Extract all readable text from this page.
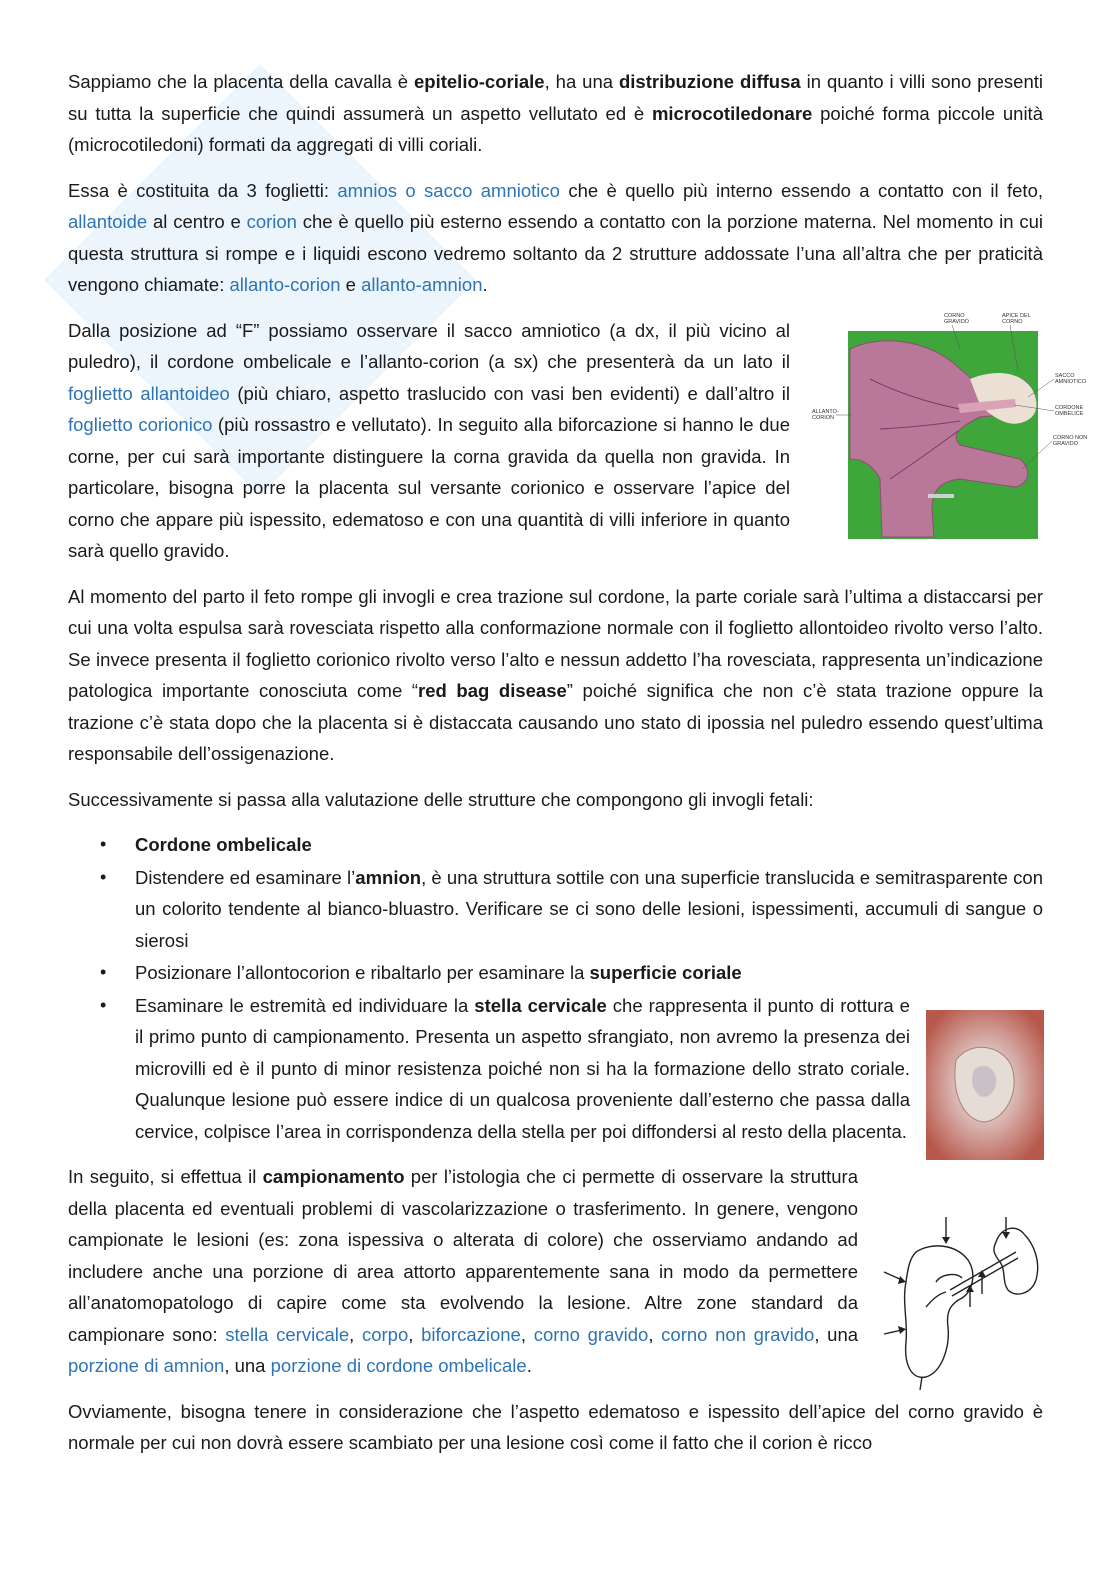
Sappiamo che la placenta della cavalla è epitelio-coriale, ha una distribuzione diffusa in quanto i villi sono presenti su tutta la superficie che quindi assumerà un aspetto vellutato ed è microcotiledonare poiché forma piccole unità (microcotiledoni) formati da aggregati di villi coriali.

Essa è costituita da 3 foglietti: amnios o sacco amniotico che è quello più interno essendo a contatto con il feto, allantoide al centro e corion che è quello più esterno essendo a contatto con la porzione materna. Nel momento in cui questa struttura si rompe e i liquidi escono vedremo soltanto da 2 strutture addossate l’una all’altra che per praticità vengono chiamate: allanto-corion e allanto-amnion.

Dalla posizione ad “F” possiamo osservare il sacco amniotico (a dx, il più vicino al puledro), il cordone ombelicale e l’allanto-corion (a sx) che presenterà da un lato il foglietto allantoideo (più chiaro, aspetto traslucido con vasi ben evidenti) e dall’altro il foglietto corionico (più rossastro e vellutato). In seguito alla biforcazione si hanno le due corne, per cui sarà importante distinguere la corna gravida da quella non gravida. In particolare, bisogna porre la placenta sul versante corionico e osservare l’apice del corno che appare più ispessito, edematoso e con una quantità di villi inferiore in quanto sarà quello gravido.

CORNO
GRAVIDO
APICE DEL
CORNO
SACCO
AMNIOTICO
CORDONE
OMBELICE
ALLANTO-
CORION
CORNO NON
GRAVIDO

Al momento del parto il feto rompe gli invogli e crea trazione sul cordone, la parte coriale sarà l’ultima a distaccarsi per cui una volta espulsa sarà rovesciata rispetto alla conformazione normale con il foglietto allontoideo rivolto verso l’alto. Se invece presenta il foglietto corionico rivolto verso l’alto e nessun addetto l’ha rovesciata, rappresenta un’indicazione patologica importante conosciuta come “red bag disease” poiché significa che non c’è stata trazione oppure la trazione c’è stata dopo che la placenta si è distaccata causando uno stato di ipossia nel puledro essendo quest’ultima responsabile dell’ossigenazione.

Successivamente si passa alla valutazione delle strutture che compongono gli invogli fetali:

• Cordone ombelicale
• Distendere ed esaminare l’amnion, è una struttura sottile con una superficie translucida e semitrasparente con un colorito tendente al bianco-bluastro. Verificare se ci sono delle lesioni, ispessimenti, accumuli di sangue o sierosi
• Posizionare l’allontocorion e ribaltarlo per esaminare la superficie coriale
• Esaminare le estremità ed individuare la stella cervicale che rappresenta il punto di rottura e il primo punto di campionamento. Presenta un aspetto sfrangiato, non avremo la presenza dei microvilli ed è il punto di minor resistenza poiché non si ha la formazione dello strato coriale. Qualunque lesione può essere indice di un qualcosa proveniente dall’esterno che passa dalla cervice, colpisce l’area in corrispondenza della stella per poi diffondersi al resto della placenta.

In seguito, si effettua il campionamento per l’istologia che ci permette di osservare la struttura della placenta ed eventuali problemi di vascolarizzazione o trasferimento. In genere, vengono campionate le lesioni (es: zona ispessiva o alterata di colore) che osserviamo andando ad includere anche una porzione di area attorto apparentemente sana in modo da permettere all’anatomopatologo di capire come sta evolvendo la lesione. Altre zone standard da campionare sono: stella cervicale, corpo, biforcazione, corno gravido, corno non gravido, una porzione di amnion, una porzione di cordone ombelicale.

Ovviamente, bisogna tenere in considerazione che l’aspetto edematoso e ispessito dell’apice del corno gravido è normale per cui non dovrà essere scambiato per una lesione così come il fatto che il corion è ricco
